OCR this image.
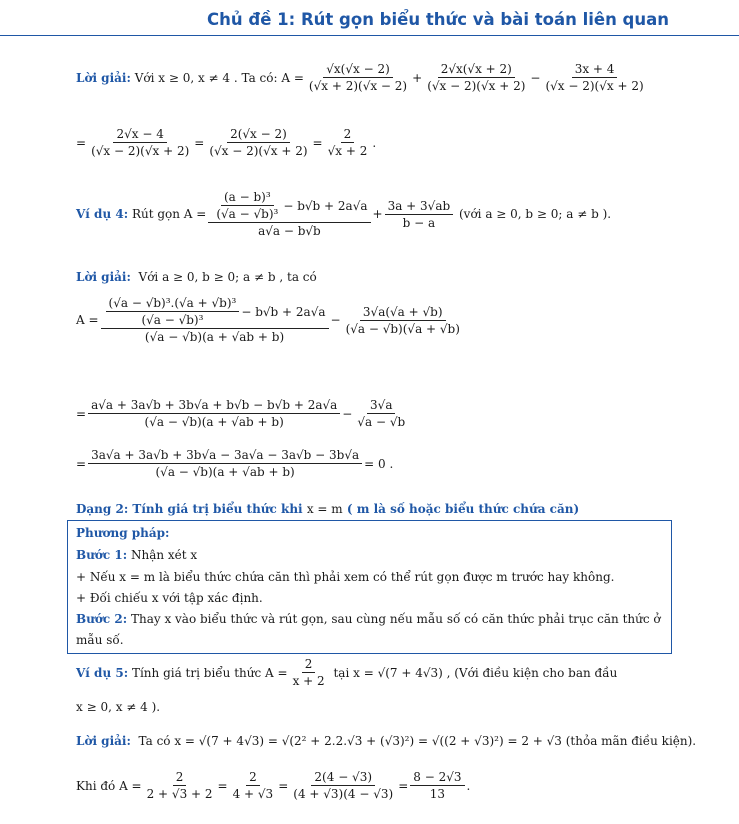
Chủ đề 1: Rút gọn biểu thức và bài toán liên quan
Lời giải:
Với x ≥ 0, x ≠ 4 . Ta có:
$A = \frac{√x(√x - 2)}{(√x + 2)(√x - 2)} + \frac{2√x(√x + 2)}{(√x - 2)(√x + 2)} - \frac{3x + 4}{(√x - 2)(√x + 2)}$
= $\frac{2√x - 4}{(√x - 2)(√x + 2)} = \frac{2(√x - 2)}{(√x - 2)(√x + 2)} = \frac{2}{√x + 2}$ .
Ví dụ 4:
Rút gọn $A = \frac{\frac{\text{(a − b)³}}{\text{(√a − √b)³}} - b√b + 2a√a}{a√a - b√b} + \frac{3a + 3√ab}{b - a}$
(với a ≥ 0, b ≥ 0; a ≠ b ).
Lời giải: Với a ≥ 0, b ≥ 0; a ≠ b , ta có
$A = \frac{\frac{\text{(√a − √b)³.(√a + √b)³}}{\text{(√a − √b)³}} - b√b + 2a√a}{(√a - √b)(a + √ab + b)} - \frac{3√a(√a + √b)}{(√a - √b)(√a + √b)}$
= $\frac{a√a + 3a√b + 3b√a + b√b - b√b + 2a√a}{(√a - √b)(a + √ab + b)} - \frac{3√a}{√a - √b}$
= $\frac{3a√a + 3a√b + 3b√a - 3a√a - 3a√b - 3b√a}{(√a - √b)(a + √ab + b)} = 0$ .
Dạng 2: Tính giá trị biểu thức khi x = m ( m là số hoặc biểu thức chứa căn)
Phương pháp:
Bước 1: Nhận xét x
+ Nếu x = m là biểu thức chứa căn thì phải xem có thể rút gọn được m trước hay không.
+ Đối chiếu x với tập xác định.
Bước 2: Thay x vào biểu thức và rút gọn, sau cùng nếu mẫu số có căn thức phải trục căn thức ở
mẫu số.
Ví dụ 5:
Tính giá trị biểu thức $A = \frac{2}{x + 2}$
tại x = √(7 + 4√3) , (Với điều kiện cho ban đầu
x ≥ 0, x ≠ 4 ).
Lời giải: Ta có x = √(7 + 4√3) = √(2² + 2.2.√3 + (√3)²) = √((2 + √3)²) = 2 + √3 (thỏa mãn điều kiện).
Khi đó $A = \frac{2}{2 + √3 + 2} = \frac{2}{4 + √3} = \frac{2(4 - √3)}{(4 + √3)(4 - √3)} = \frac{8 - 2√3}{13}$ .
